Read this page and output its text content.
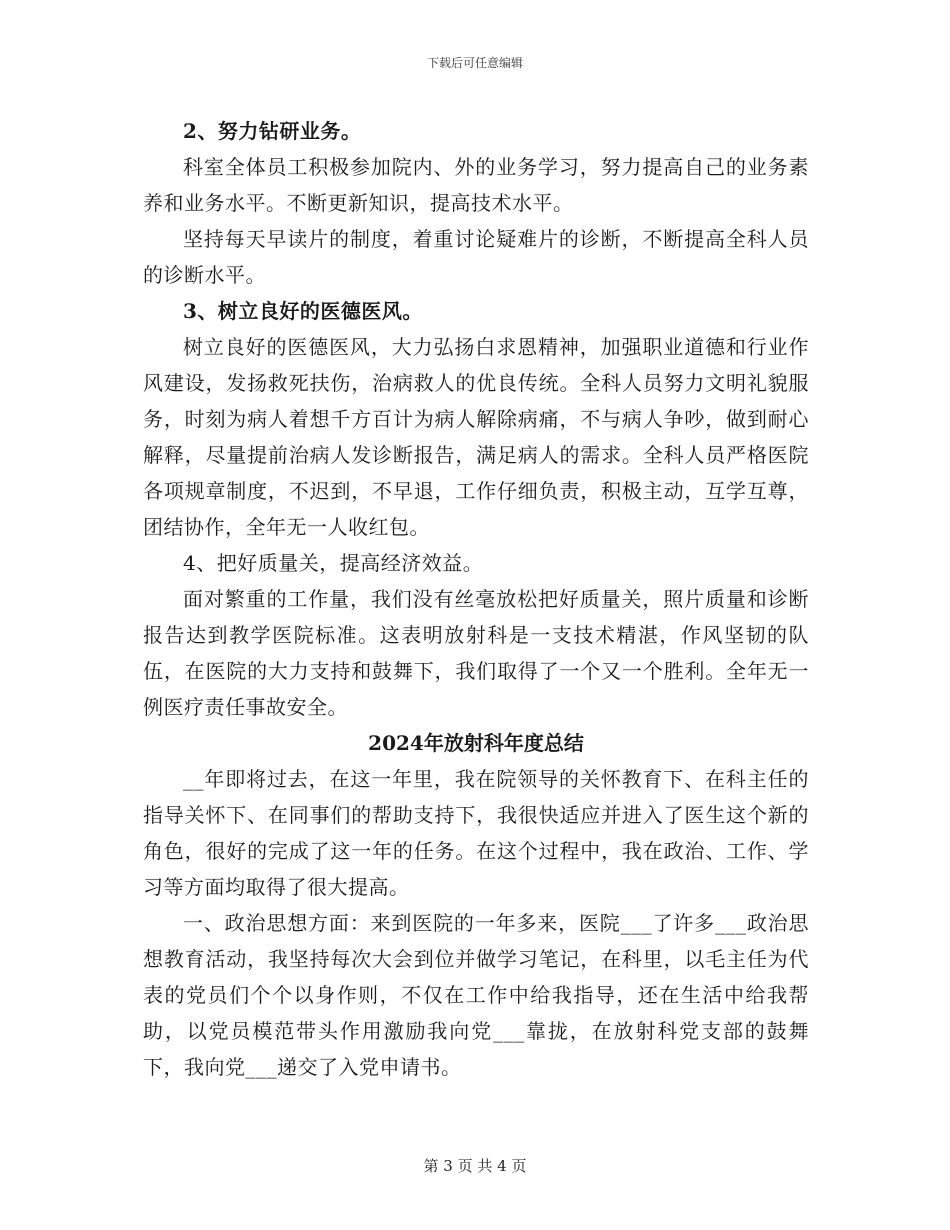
下载后可任意编辑

2、努力钻研业务。

科室全体员工积极参加院内、外的业务学习，努力提高自己的业务素养和业务水平。不断更新知识，提高技术水平。

坚持每天早读片的制度，着重讨论疑难片的诊断，不断提高全科人员的诊断水平。

3、树立良好的医德医风。

树立良好的医德医风，大力弘扬白求恩精神，加强职业道德和行业作风建设，发扬救死扶伤，治病救人的优良传统。全科人员努力文明礼貌服务，时刻为病人着想千方百计为病人解除病痛，不与病人争吵，做到耐心解释，尽量提前治病人发诊断报告，满足病人的需求。全科人员严格医院各项规章制度，不迟到，不早退，工作仔细负责，积极主动，互学互尊，团结协作，全年无一人收红包。

4、把好质量关，提高经济效益。

面对繁重的工作量，我们没有丝毫放松把好质量关，照片质量和诊断报告达到教学医院标准。这表明放射科是一支技术精湛，作风坚韧的队伍，在医院的大力支持和鼓舞下，我们取得了一个又一个胜利。全年无一例医疗责任事故安全。

2024年放射科年度总结

__年即将过去，在这一年里，我在院领导的关怀教育下、在科主任的指导关怀下、在同事们的帮助支持下，我很快适应并进入了医生这个新的角色，很好的完成了这一年的任务。在这个过程中，我在政治、工作、学习等方面均取得了很大提高。

一、政治思想方面：来到医院的一年多来，医院___了许多___政治思想教育活动，我坚持每次大会到位并做学习笔记，在科里，以毛主任为代表的党员们个个以身作则，不仅在工作中给我指导，还在生活中给我帮助，以党员模范带头作用激励我向党___靠拢，在放射科党支部的鼓舞下，我向党___递交了入党申请书。

第 3 页 共 4 页
